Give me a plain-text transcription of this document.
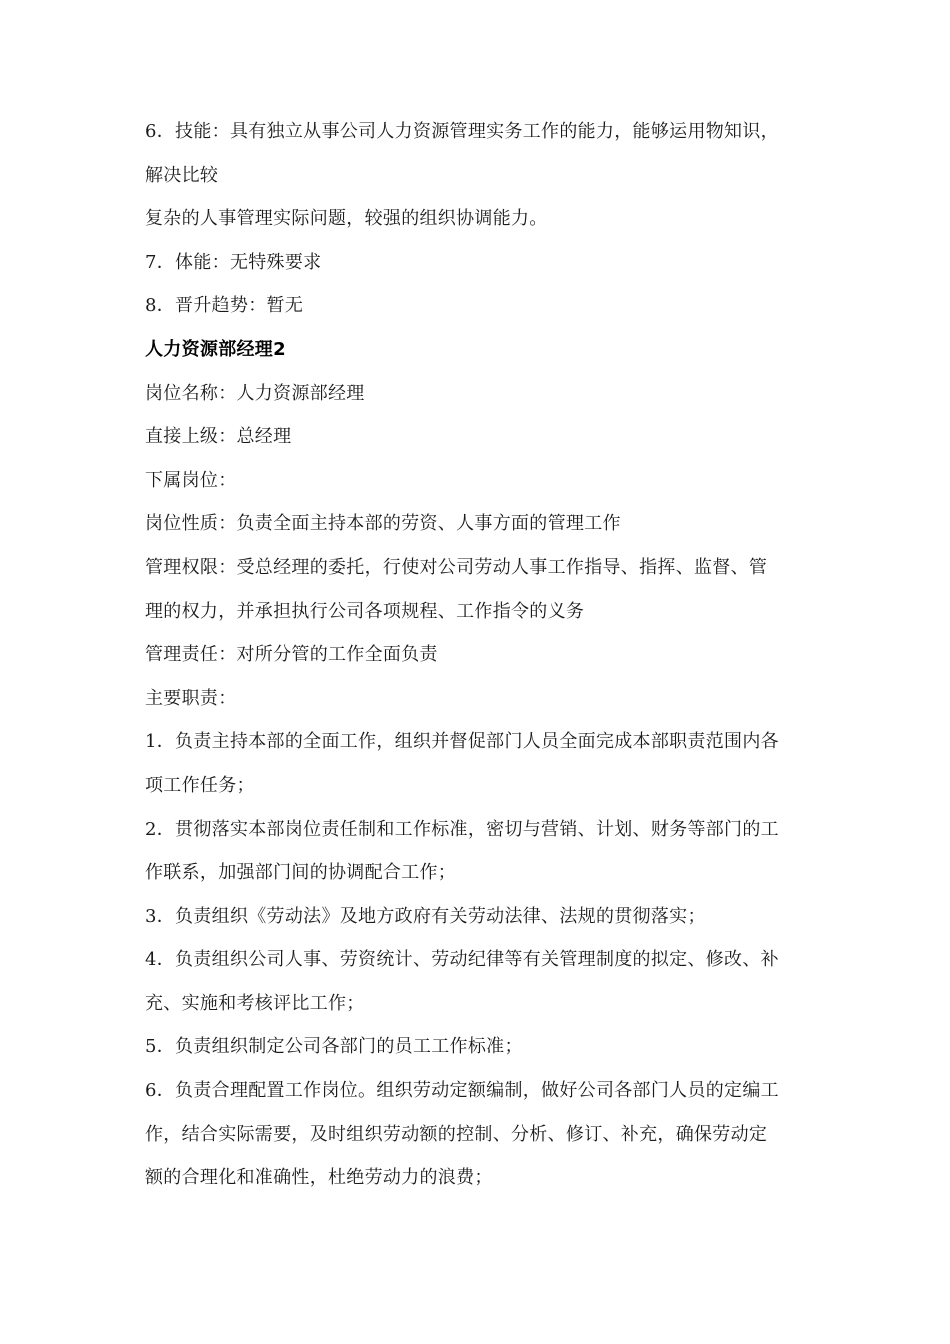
6．技能：具有独立从事公司人力资源管理实务工作的能力，能够运用物知识，
解决比较
复杂的人事管理实际问题，较强的组织协调能力。
7．体能：无特殊要求
8．晋升趋势：暂无
人力资源部经理2
岗位名称：人力资源部经理
直接上级：总经理
下属岗位：
岗位性质：负责全面主持本部的劳资、人事方面的管理工作
管理权限：受总经理的委托，行使对公司劳动人事工作指导、指挥、监督、管
理的权力，并承担执行公司各项规程、工作指令的义务
管理责任：对所分管的工作全面负责
主要职责：
1．负责主持本部的全面工作，组织并督促部门人员全面完成本部职责范围内各
项工作任务；
2．贯彻落实本部岗位责任制和工作标准，密切与营销、计划、财务等部门的工
作联系，加强部门间的协调配合工作；
3．负责组织《劳动法》及地方政府有关劳动法律、法规的贯彻落实；
4．负责组织公司人事、劳资统计、劳动纪律等有关管理制度的拟定、修改、补
充、实施和考核评比工作；
5．负责组织制定公司各部门的员工工作标准；
6．负责合理配置工作岗位。组织劳动定额编制，做好公司各部门人员的定编工
作，结合实际需要，及时组织劳动额的控制、分析、修订、补充，确保劳动定
额的合理化和准确性，杜绝劳动力的浪费；
